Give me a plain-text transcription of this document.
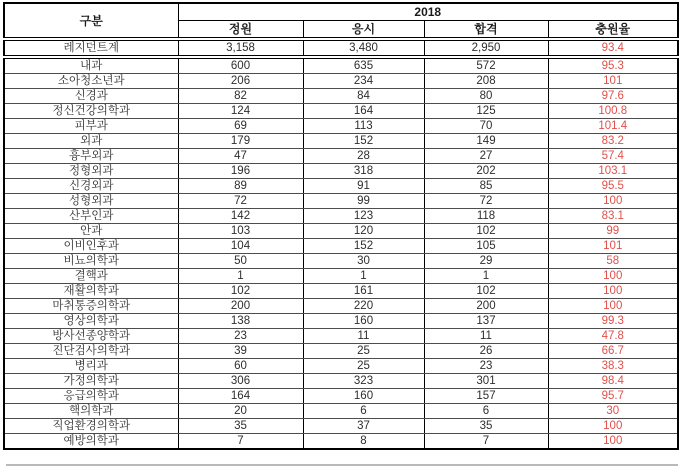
구분	2018			
	정원	응시	합격	충원율
레지던트계	3,158	3,480	2,950	93.4
내과	600	635	572	95.3
소아청소년과	206	234	208	101
신경과	82	84	80	97.6
정신건강의학과	124	164	125	100.8
피부과	69	113	70	101.4
외과	179	152	149	83.2
흉부외과	47	28	27	57.4
정형외과	196	318	202	103.1
신경외과	89	91	85	95.5
성형외과	72	99	72	100
산부인과	142	123	118	83.1
안과	103	120	102	99
이비인후과	104	152	105	101
비뇨의학과	50	30	29	58
결핵과	1	1	1	100
재활의학과	102	161	102	100
마취통증의학과	200	220	200	100
영상의학과	138	160	137	99.3
방사선종양학과	23	11	11	47.8
진단검사의학과	39	25	26	66.7
병리과	60	25	23	38.3
가정의학과	306	323	301	98.4
응급의학과	164	160	157	95.7
핵의학과	20	6	6	30
직업환경의학과	35	37	35	100
예방의학과	7	8	7	100
